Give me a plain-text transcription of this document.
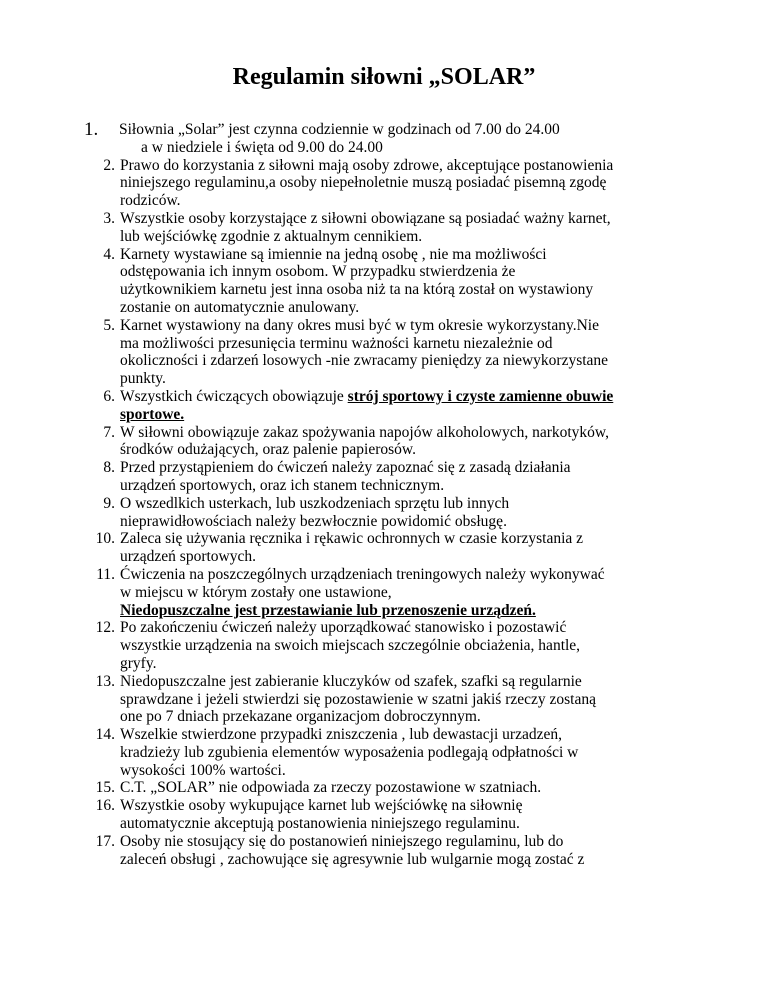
Regulamin siłowni „SOLAR”
1.	Siłownia „Solar” jest czynna codziennie w godzinach od 7.00 do 24.00
a w niedziele i święta od 9.00 do 24.00
2. Prawo do korzystania z siłowni mają osoby zdrowe, akceptujące postanowienia
niniejszego regulaminu,a osoby niepełnoletnie muszą posiadać pisemną zgodę
rodziców.
3. Wszystkie osoby korzystające z siłowni obowiązane są posiadać ważny karnet,
lub wejściówkę zgodnie z aktualnym cennikiem.
4. Karnety wystawiane są imiennie na jedną osobę , nie ma możliwości
odstępowania ich innym osobom. W przypadku stwierdzenia że
użytkownikiem karnetu jest inna osoba niż ta na którą został on wystawiony
zostanie on automatycznie anulowany.
5. Karnet wystawiony na dany okres musi być w tym okresie wykorzystany.Nie
ma możliwości przesunięcia terminu ważności karnetu niezależnie od
okoliczności i zdarzeń losowych -nie zwracamy pieniędzy za niewykorzystane
punkty.
6. Wszystkich ćwiczących obowiązuje strój sportowy i czyste zamienne obuwie
sportowe.
7. W siłowni obowiązuje zakaz spożywania napojów alkoholowych, narkotyków,
środków odużających, oraz palenie papierosów.
8. Przed przystąpieniem do ćwiczeń należy zapoznać się z zasadą działania
urządzeń sportowych, oraz ich stanem technicznym.
9. O wszedlkich usterkach, lub uszkodzeniach sprzętu lub innych
nieprawidłowościach należy bezwłocznie powidomić obsługę.
10. Zaleca się używania ręcznika i rękawic ochronnych w czasie korzystania z
urządzeń sportowych.
11. Ćwiczenia na poszczególnych urządzeniach treningowych należy wykonywać
w miejscu w którym zostały one ustawione,
Niedopuszczalne jest przestawianie lub przenoszenie urządzeń.
12. Po zakończeniu ćwiczeń należy uporządkować stanowisko i pozostawić
wszystkie urządzenia na swoich miejscach szczególnie obciażenia, hantle,
gryfy.
13. Niedopuszczalne jest zabieranie kluczyków od szafek, szafki są regularnie
sprawdzane i jeżeli stwierdzi się pozostawienie w szatni jakiś rzeczy zostaną
one po 7 dniach przekazane organizacjom dobroczynnym.
14. Wszelkie stwierdzone przypadki zniszczenia , lub dewastacji urzadzeń,
kradzieży lub zgubienia elementów wyposażenia podlegają odpłatności w
wysokości 100% wartości.
15. C.T. „SOLAR” nie odpowiada za rzeczy pozostawione w szatniach.
16. Wszystkie osoby wykupujące karnet lub wejściówkę na siłownię
automatycznie akceptują postanowienia niniejszego regulaminu.
17. Osoby nie stosujący się do postanowień niniejszego regulaminu, lub do
zaleceń obsługi , zachowujące się agresywnie lub wulgarnie mogą zostać z
